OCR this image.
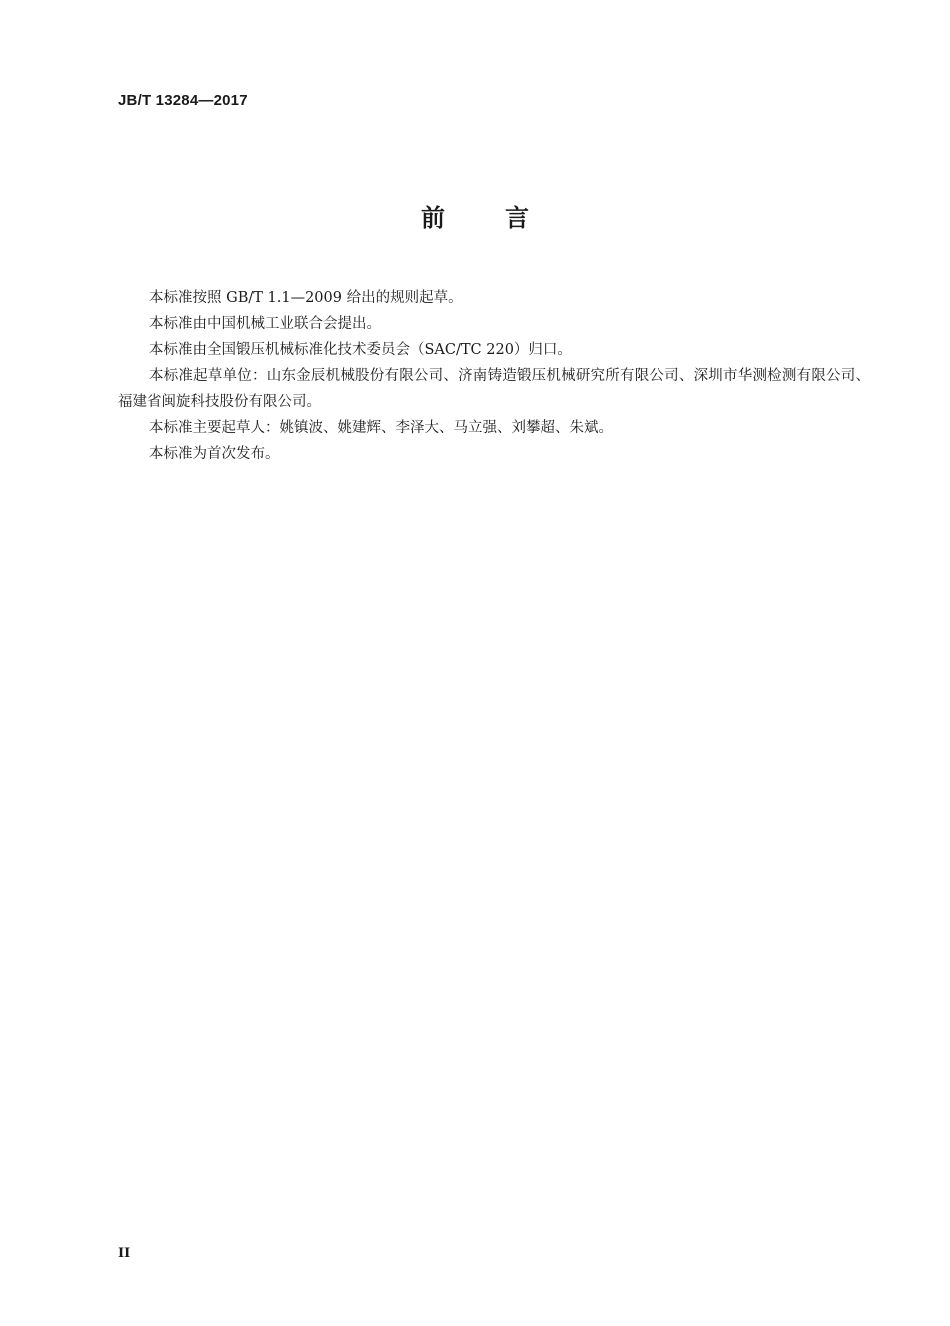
JB/T 13284—2017
前言

本标准按照 GB/T 1.1—2009 给出的规则起草。

本标准由中国机械工业联合会提出。

本标准由全国锻压机械标准化技术委员会（SAC/TC 220）归口。

本标准起草单位：山东金辰机械股份有限公司、济南铸造锻压机械研究所有限公司、深圳市华测检测有限公司、福建省闽旋科技股份有限公司。

本标准主要起草人：姚镇波、姚建辉、李泽大、马立强、刘攀超、朱斌。

本标准为首次发布。

II
